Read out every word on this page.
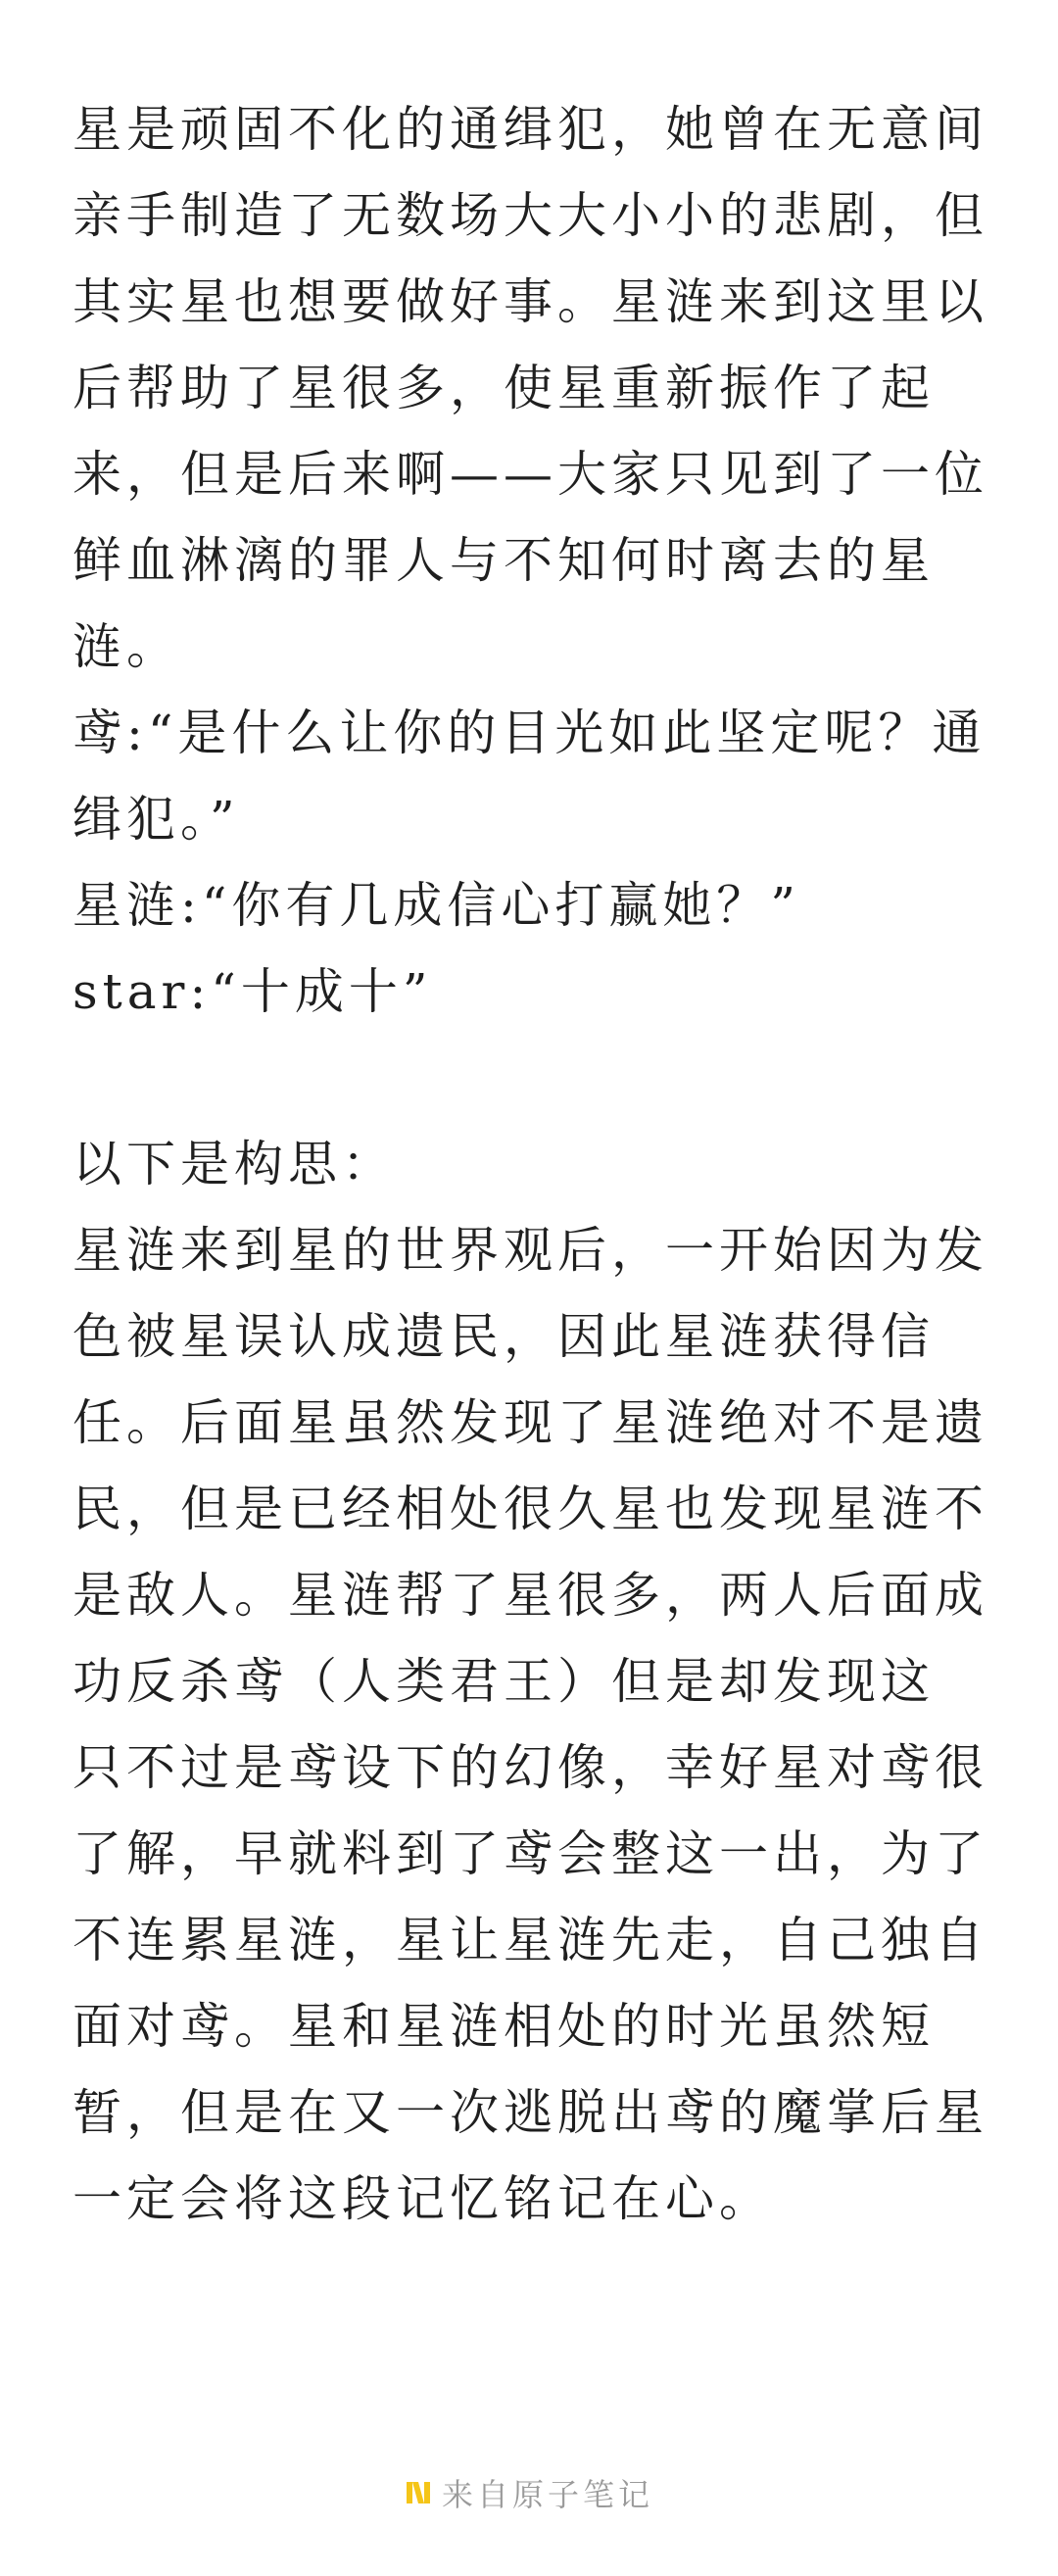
星是顽固不化的通缉犯，她曾在无意间

亲手制造了无数场大大小小的悲剧，但

其实星也想要做好事。星涟来到这里以

后帮助了星很多，使星重新振作了起

来，但是后来啊——大家只见到了一位

鲜血淋漓的罪人与不知何时离去的星

涟。

鸢:“是什么让你的目光如此坚定呢？通

缉犯。”

星涟:“你有几成信心打赢她？”

star:“十成十”

以下是构思：

星涟来到星的世界观后，一开始因为发

色被星误认成遗民，因此星涟获得信

任。后面星虽然发现了星涟绝对不是遗

民，但是已经相处很久星也发现星涟不

是敌人。星涟帮了星很多，两人后面成

功反杀鸢（人类君王）但是却发现这

只不过是鸢设下的幻像，幸好星对鸢很

了解，早就料到了鸢会整这一出，为了

不连累星涟，星让星涟先走，自己独自

面对鸢。星和星涟相处的时光虽然短

暂，但是在又一次逃脱出鸢的魔掌后星

一定会将这段记忆铭记在心。

来自原子笔记
